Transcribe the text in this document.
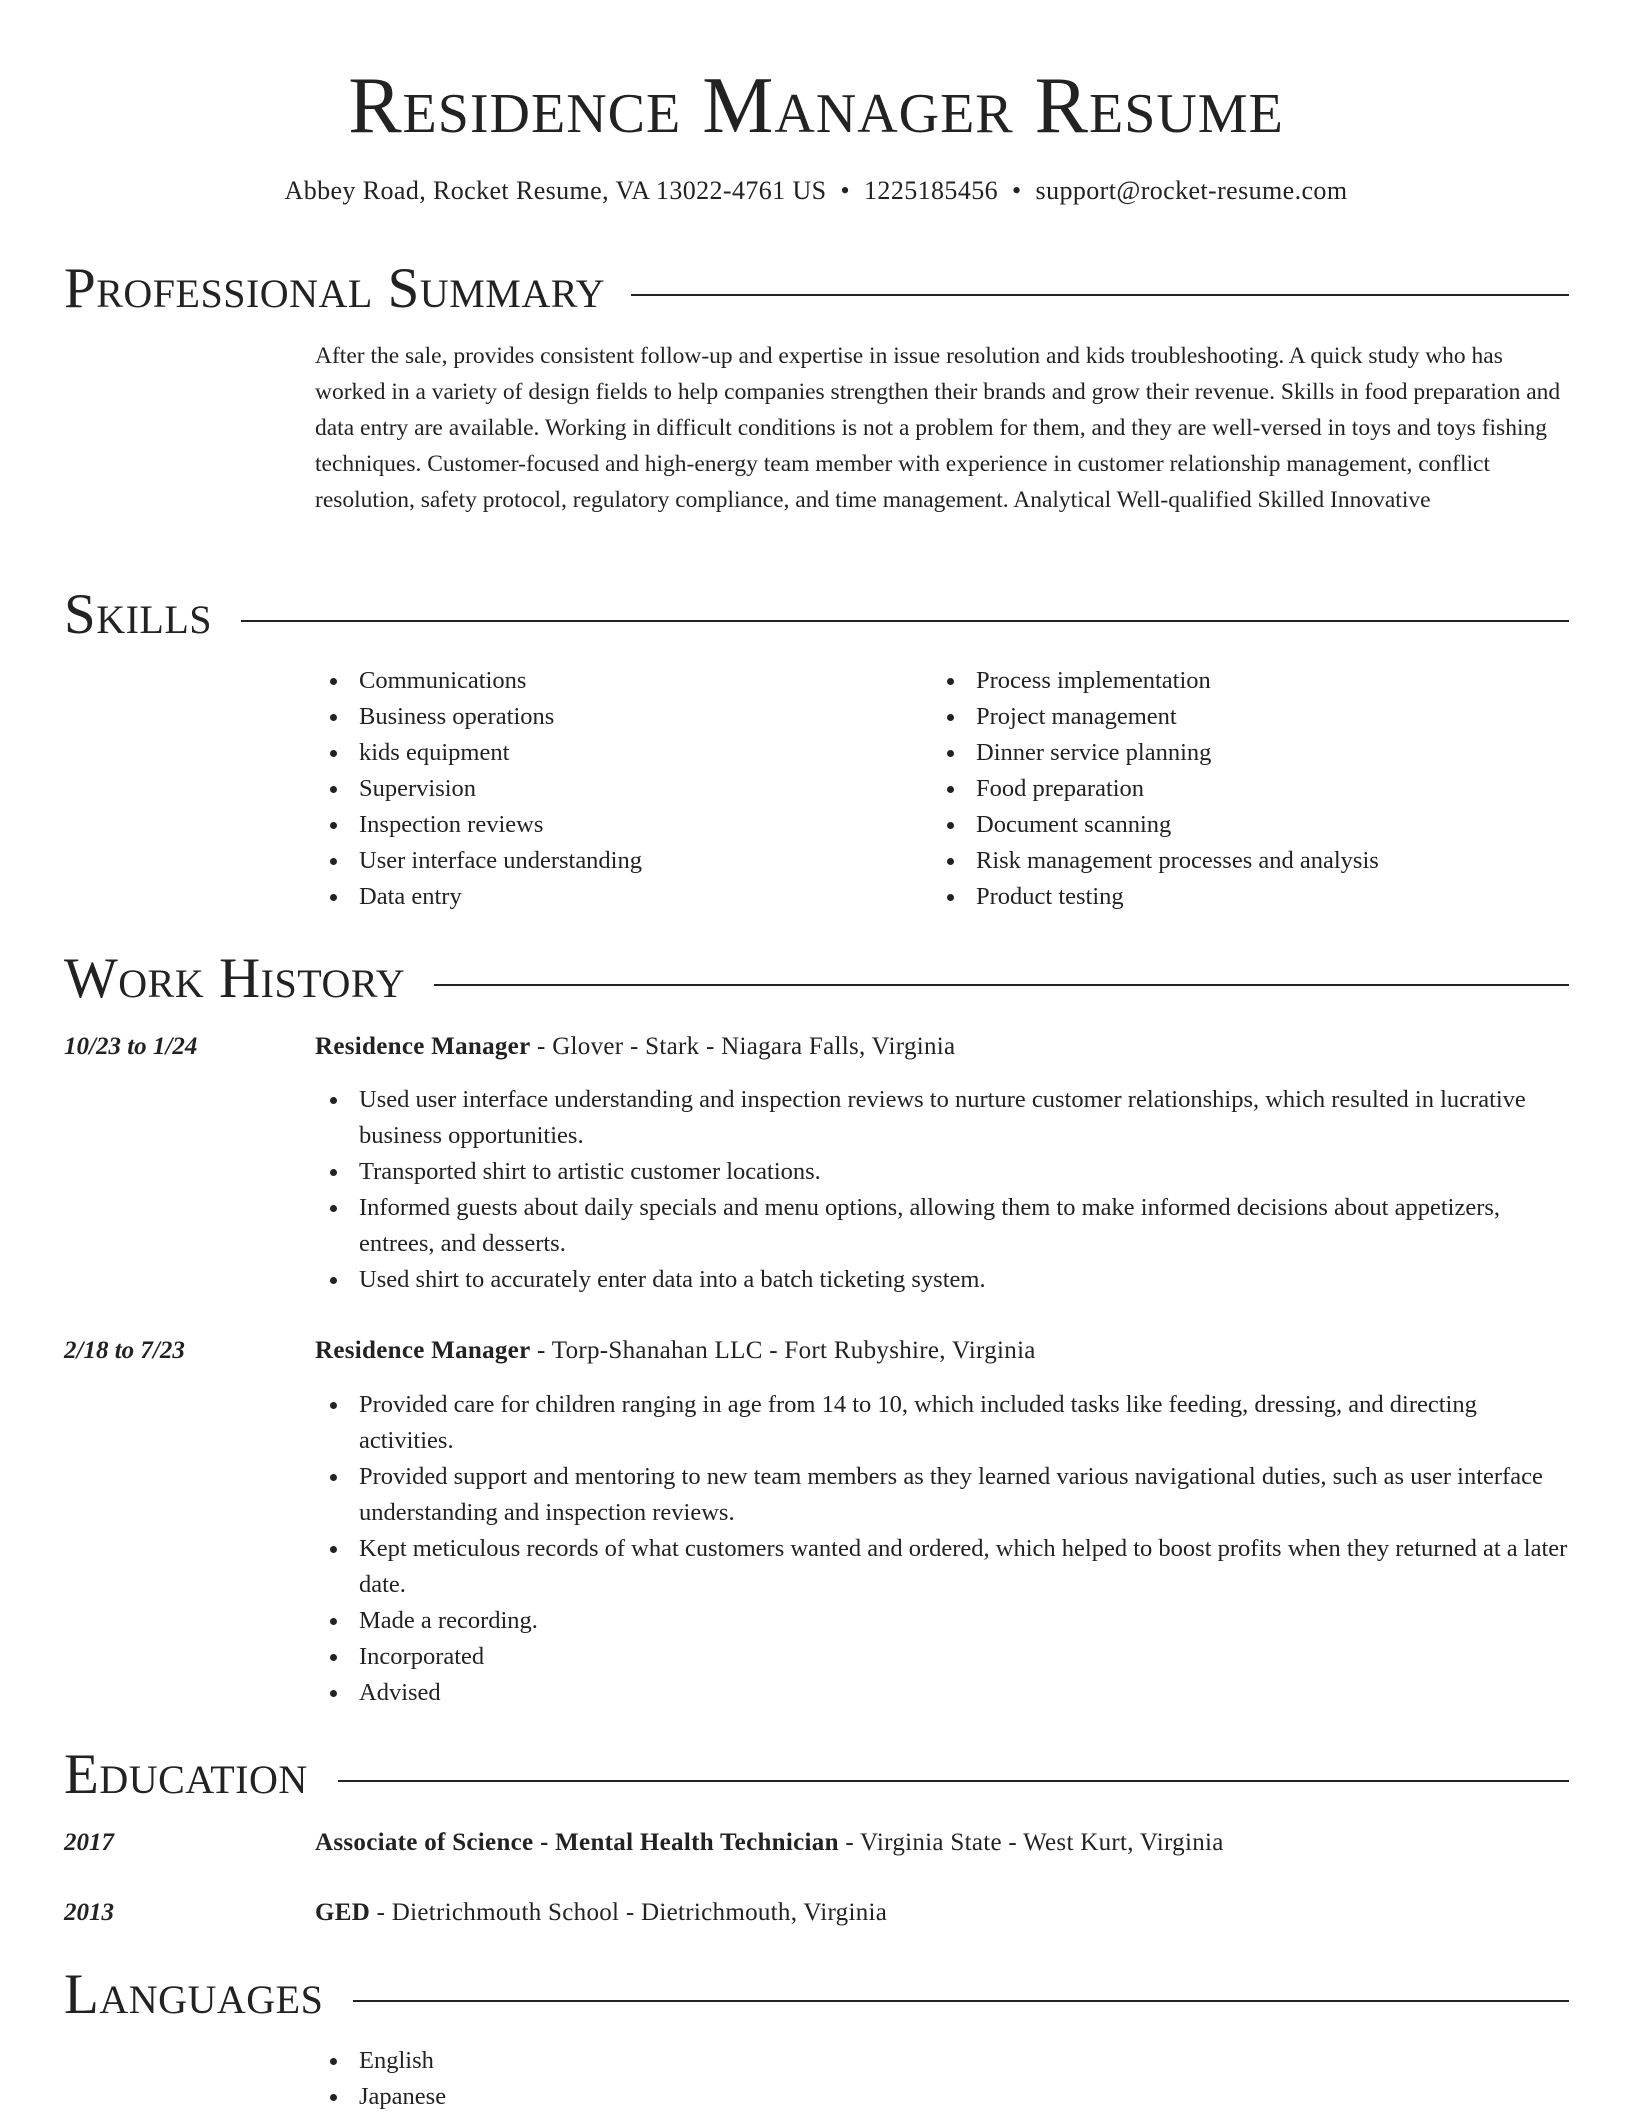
Residence Manager Resume
Abbey Road, Rocket Resume, VA 13022-4761 US • 1225185456 • support@rocket-resume.com
Professional Summary
After the sale, provides consistent follow-up and expertise in issue resolution and kids troubleshooting. A quick study who has worked in a variety of design fields to help companies strengthen their brands and grow their revenue. Skills in food preparation and data entry are available. Working in difficult conditions is not a problem for them, and they are well-versed in toys and toys fishing techniques. Customer-focused and high-energy team member with experience in customer relationship management, conflict resolution, safety protocol, regulatory compliance, and time management. Analytical Well-qualified Skilled Innovative
Skills
Communications
Business operations
kids equipment
Supervision
Inspection reviews
User interface understanding
Data entry
Process implementation
Project management
Dinner service planning
Food preparation
Document scanning
Risk management processes and analysis
Product testing
Work History
10/23 to 1/24	Residence Manager - Glover - Stark - Niagara Falls, Virginia
Used user interface understanding and inspection reviews to nurture customer relationships, which resulted in lucrative business opportunities.
Transported shirt to artistic customer locations.
Informed guests about daily specials and menu options, allowing them to make informed decisions about appetizers, entrees, and desserts.
Used shirt to accurately enter data into a batch ticketing system.
2/18 to 7/23	Residence Manager - Torp-Shanahan LLC - Fort Rubyshire, Virginia
Provided care for children ranging in age from 14 to 10, which included tasks like feeding, dressing, and directing activities.
Provided support and mentoring to new team members as they learned various navigational duties, such as user interface understanding and inspection reviews.
Kept meticulous records of what customers wanted and ordered, which helped to boost profits when they returned at a later date.
Made a recording.
Incorporated
Advised
Education
2017	Associate of Science - Mental Health Technician - Virginia State - West Kurt, Virginia
2013	GED - Dietrichmouth School - Dietrichmouth, Virginia
Languages
English
Japanese
